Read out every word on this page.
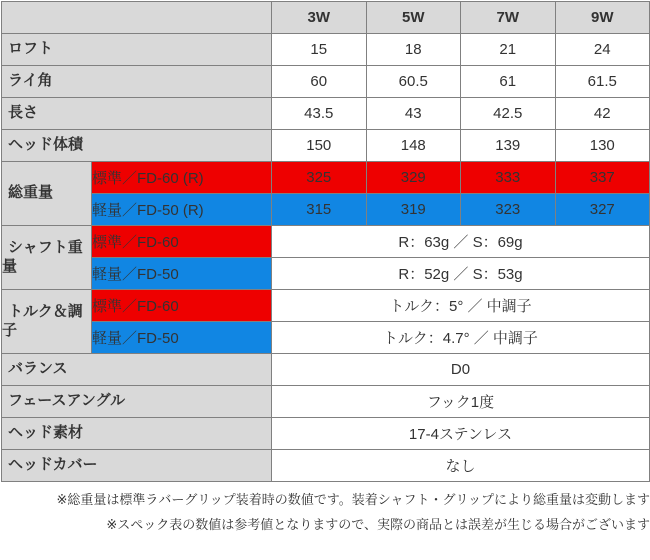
		3W	5W	7W	9W
ロフト		15	18	21	24
ライ角		60	60.5	61	61.5
長さ		43.5	43	42.5	42
ヘッド体積		150	148	139	130
総重量	標準／FD-60 (R)	325	329	333	337
	軽量／FD-50 (R)	315	319	323	327
シャフト重量	標準／FD-60	R：63g ／ S：69g			
	軽量／FD-50	R：52g ／ S：53g			
トルク＆調子	標準／FD-60	トルク：5° ／ 中調子			
	軽量／FD-50	トルク：4.7° ／ 中調子			
バランス		D0			
フェースアングル		フック1度			
ヘッド素材		17-4ステンレス			
ヘッドカバー		なし			
※総重量は標準ラバーグリップ装着時の数値です。装着シャフト・グリップにより総重量は変動します
※スペック表の数値は参考値となりますので、実際の商品とは誤差が生じる場合がございます
